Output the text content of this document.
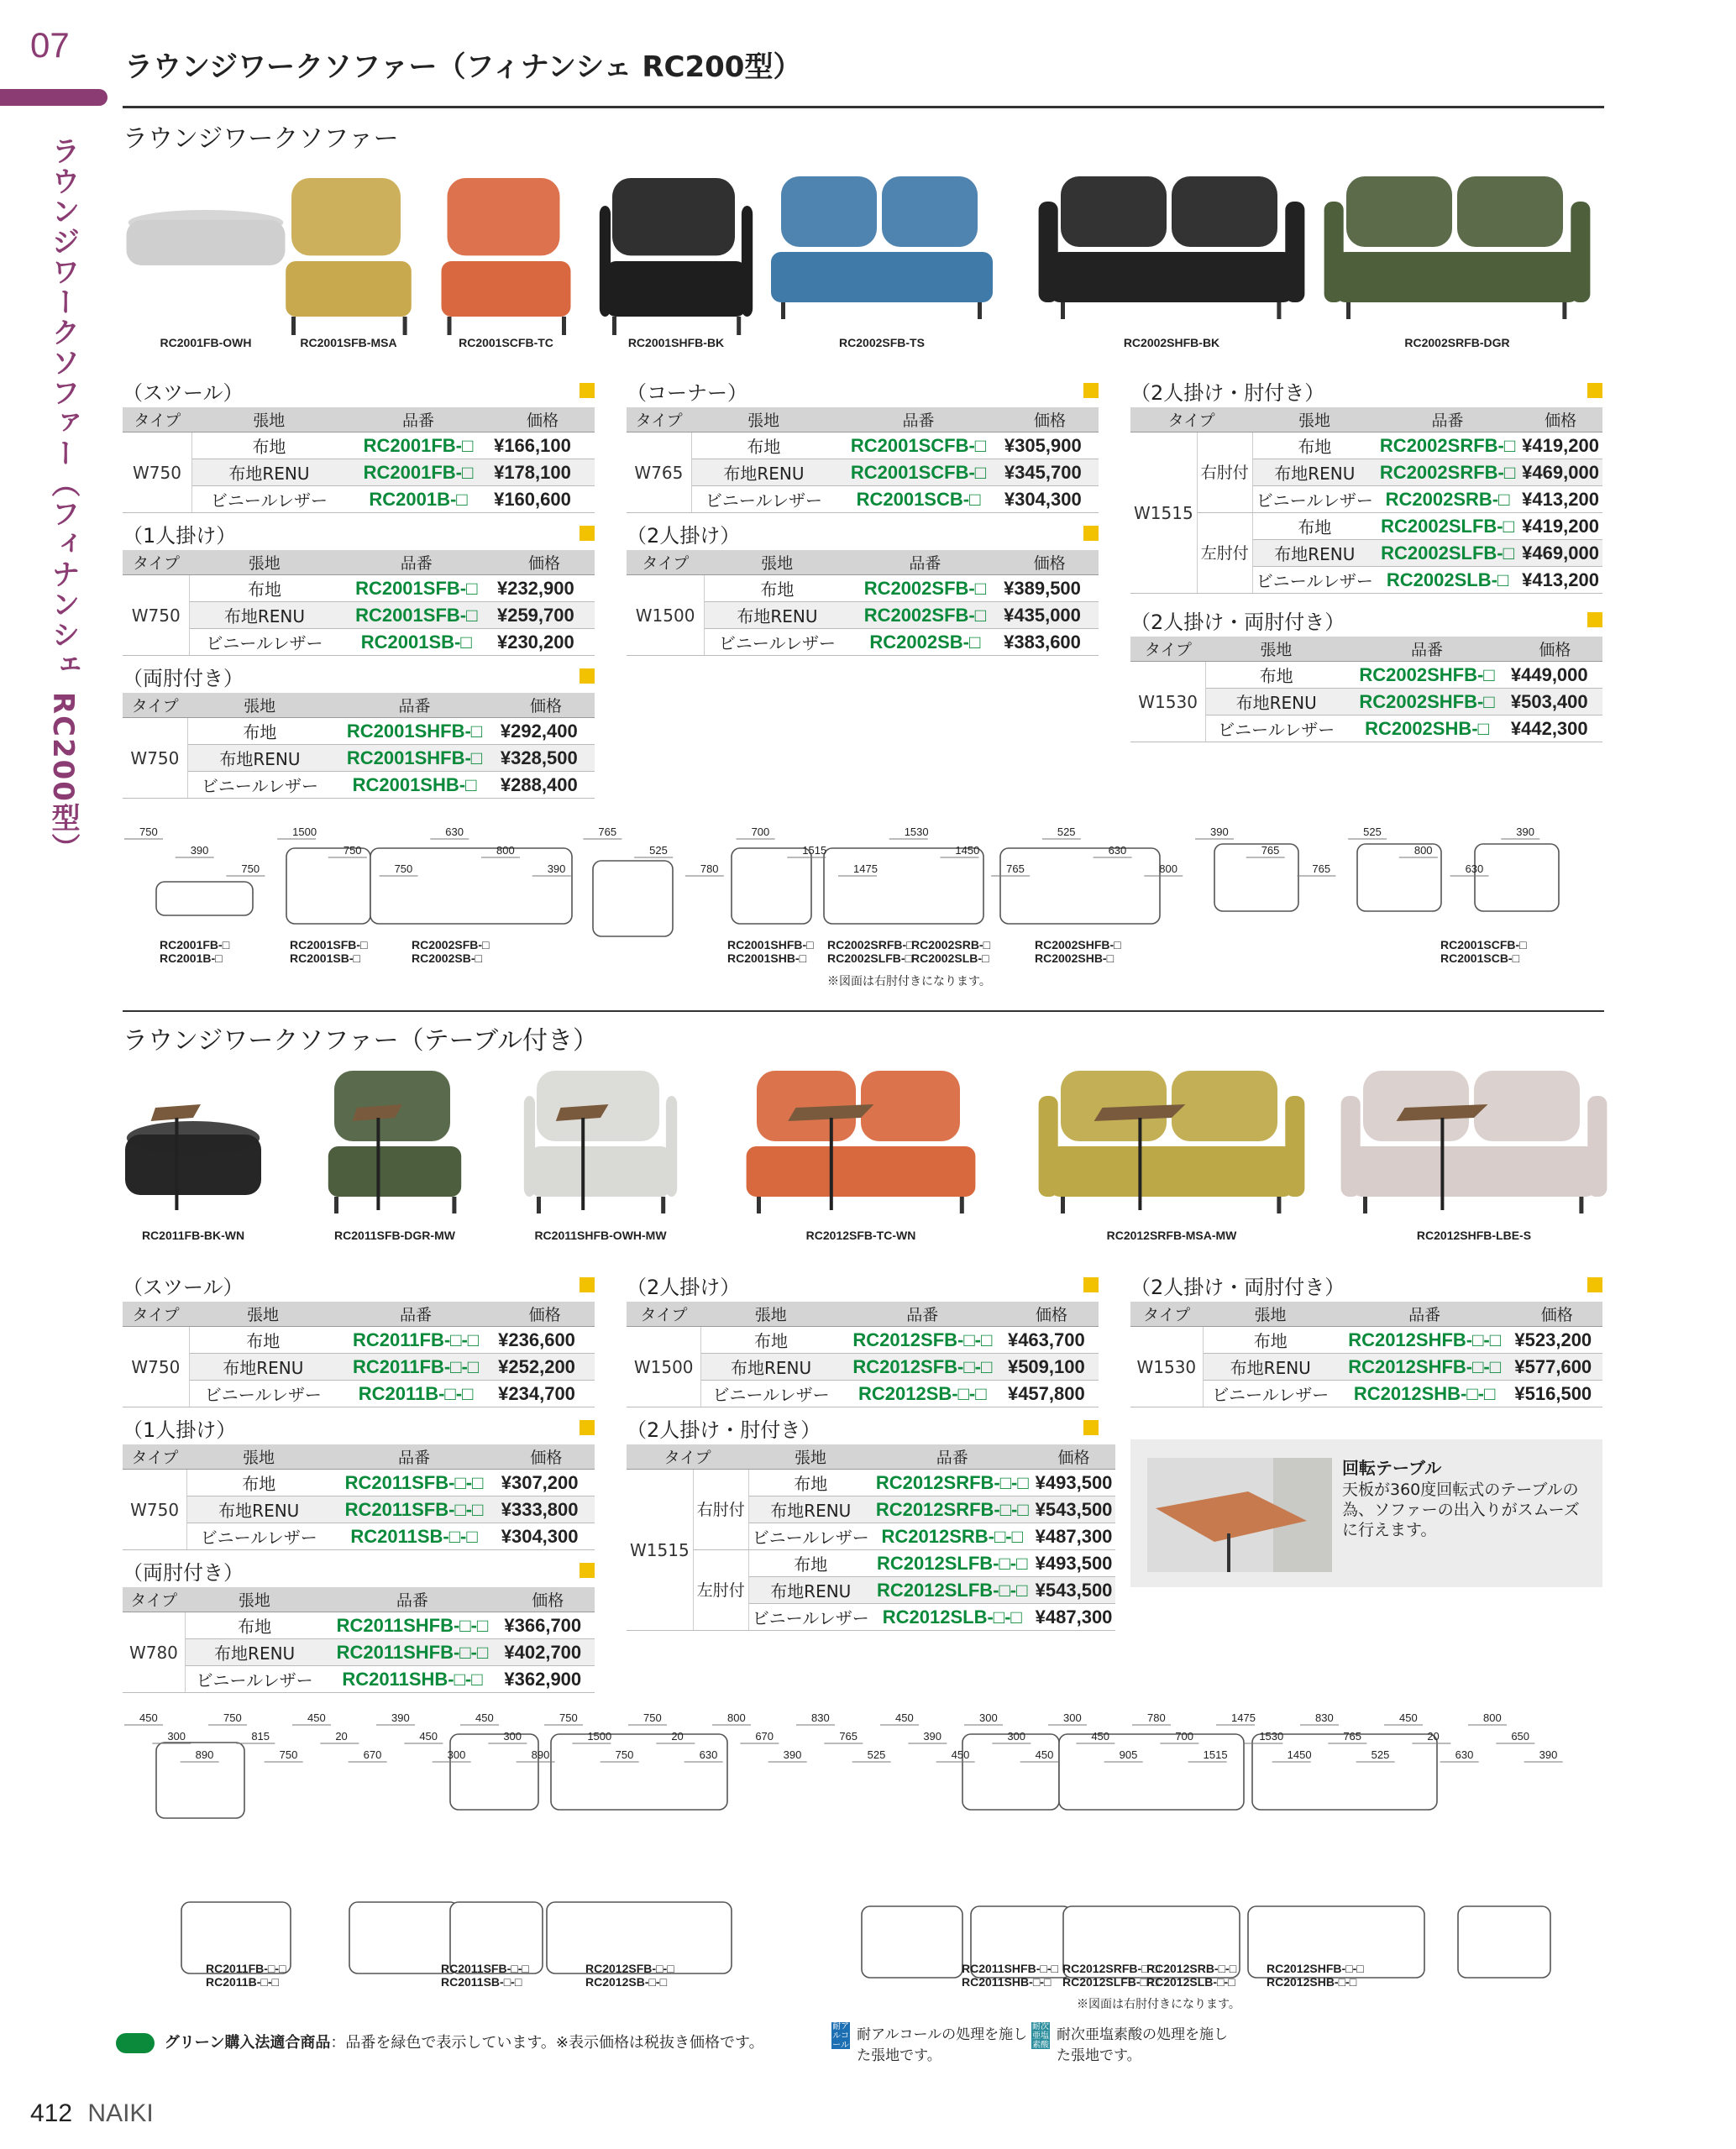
07
ラウンジワークソファー（フィナンシェ RC200型）
ラウンジワークソファー（フィナンシェ RC200型）
ラウンジワークソファー
RC2001FB-OWH	RC2001SFB-MSA	RC2001SCFB-TC	RC2001SHFB-BK	RC2002SFB-TS	RC2002SHFB-BK	RC2002SRFB-DGR
（スツール）
タイプ	張地	品番	価格
W750	布地	RC2001FB-□	¥166,100
	布地RENU	RC2001FB-□	¥178,100
	ビニールレザー	RC2001B-□	¥160,600
（1人掛け）
タイプ	張地	品番	価格
W750	布地	RC2001SFB-□	¥232,900
	布地RENU	RC2001SFB-□	¥259,700
	ビニールレザー	RC2001SB-□	¥230,200
（両肘付き）
タイプ	張地	品番	価格
W750	布地	RC2001SHFB-□	¥292,400
	布地RENU	RC2001SHFB-□	¥328,500
	ビニールレザー	RC2001SHB-□	¥288,400
（コーナー）
タイプ	張地	品番	価格
W765	布地	RC2001SCFB-□	¥305,900
	布地RENU	RC2001SCFB-□	¥345,700
	ビニールレザー	RC2001SCB-□	¥304,300
（2人掛け）
タイプ	張地	品番	価格
W1500	布地	RC2002SFB-□	¥389,500
	布地RENU	RC2002SFB-□	¥435,000
	ビニールレザー	RC2002SB-□	¥383,600
（2人掛け・肘付き）
タイプ		張地	品番	価格
W1515	右肘付	布地	RC2002SRFB-□	¥419,200
		布地RENU	RC2002SRFB-□	¥469,000
		ビニールレザー	RC2002SRB-□	¥413,200
	左肘付	布地	RC2002SLFB-□	¥419,200
		布地RENU	RC2002SLFB-□	¥469,000
		ビニールレザー	RC2002SLB-□	¥413,200
（2人掛け・両肘付き）
タイプ	張地	品番	価格
W1530	布地	RC2002SHFB-□	¥449,000
	布地RENU	RC2002SHFB-□	¥503,400
	ビニールレザー	RC2002SHB-□	¥442,300
750
390
750
1500
750
750
630
800
390
765
525
780
700
1515
1475
1530
1450
765
525
630
800
390
765
765
525
800
630
390
RC2001FB-□
RC2001B-□
RC2001SFB-□
RC2001SB-□
RC2002SFB-□
RC2002SB-□
RC2001SHFB-□
RC2001SHB-□
RC2002SRFB-□
RC2002SLFB-□
RC2002SRB-□
RC2002SLB-□
RC2002SHFB-□
RC2002SHB-□
RC2001SCFB-□
RC2001SCB-□
※図面は右肘付きになります。
ラウンジワークソファー（テーブル付き）
RC2011FB-BK-WN	RC2011SFB-DGR-MW	RC2011SHFB-OWH-MW	RC2012SFB-TC-WN	RC2012SRFB-MSA-MW	RC2012SHFB-LBE-S
（スツール）
タイプ	張地	品番	価格
W750	布地	RC2011FB-□-□	¥236,600
	布地RENU	RC2011FB-□-□	¥252,200
	ビニールレザー	RC2011B-□-□	¥234,700
（1人掛け）
タイプ	張地	品番	価格
W750	布地	RC2011SFB-□-□	¥307,200
	布地RENU	RC2011SFB-□-□	¥333,800
	ビニールレザー	RC2011SB-□-□	¥304,300
（両肘付き）
タイプ	張地	品番	価格
W780	布地	RC2011SHFB-□-□	¥366,700
	布地RENU	RC2011SHFB-□-□	¥402,700
	ビニールレザー	RC2011SHB-□-□	¥362,900
（2人掛け）
タイプ	張地	品番	価格
W1500	布地	RC2012SFB-□-□	¥463,700
	布地RENU	RC2012SFB-□-□	¥509,100
	ビニールレザー	RC2012SB-□-□	¥457,800
（2人掛け・肘付き）
タイプ		張地	品番	価格
W1515	右肘付	布地	RC2012SRFB-□-□	¥493,500
		布地RENU	RC2012SRFB-□-□	¥543,500
		ビニールレザー	RC2012SRB-□-□	¥487,300
	左肘付	布地	RC2012SLFB-□-□	¥493,500
		布地RENU	RC2012SLFB-□-□	¥543,500
		ビニールレザー	RC2012SLB-□-□	¥487,300
（2人掛け・両肘付き）
タイプ	張地	品番	価格
W1530	布地	RC2012SHFB-□-□	¥523,200
	布地RENU	RC2012SHFB-□-□	¥577,600
	ビニールレザー	RC2012SHB-□-□	¥516,500
回転テーブル
天板が360度回転式のテーブルの為、ソファーの出入りがスムーズに行えます。
450
300
890
750
815
750
450
20
670
390
450
300
450
300
890
750
1500
750
750
20
630
800
670
390
830
765
525
450
390
450
300
300
450
300
450
905
780
700
1515
1475
1530
1450
830
765
525
450
20
630
800
650
390
RC2011FB-□-□
RC2011B-□-□
RC2011SFB-□-□
RC2011SB-□-□
RC2012SFB-□-□
RC2012SB-□-□
RC2011SHFB-□-□
RC2011SHB-□-□
RC2012SRFB-□-□
RC2012SLFB-□-□
RC2012SRB-□-□
RC2012SLB-□-□
RC2012SHFB-□-□
RC2012SHB-□-□
※図面は右肘付きになります。
グリーン購入法適合商品：品番を緑色で表示しています。※表示価格は税抜き価格です。
耐アルコール
耐アルコールの処理を施した張地です。
耐次亜塩素酸
耐次亜塩素酸の処理を施した張地です。
412 NAIKI
